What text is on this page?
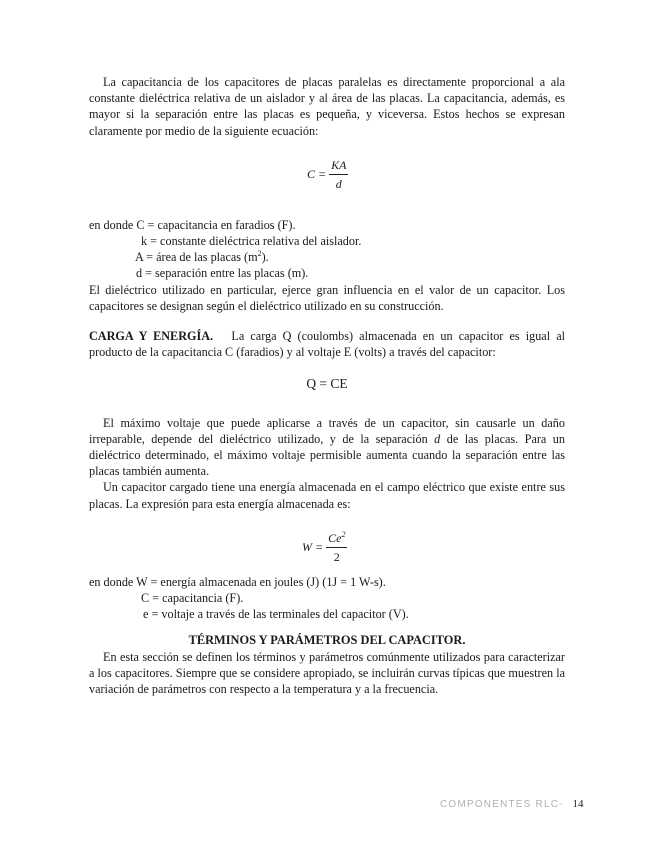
La capacitancia de los capacitores de placas paralelas es directamente proporcional a ala constante dieléctrica relativa de un aislador y al área de las placas. La capacitancia, además, es mayor si la separación entre las placas es pequeña, y viceversa. Estos hechos se expresan claramente por medio de la siguiente ecuación:

$C = \frac{KA}{d}$
en donde C = capacitancia en faradios (F).
k = constante dieléctrica relativa del aislador.
A = área de las placas $(m^2)$.
d = separación entre las placas (m).

El dieléctrico utilizado en particular, ejerce gran influencia en el valor de un capacitor. Los capacitores se designan según el dieléctrico utilizado en su construcción.

CARGA Y ENERGÍA. La carga Q (coulombs) almacenada en un capacitor es igual al producto de la capacitancia C (faradios) y al voltaje E (volts) a través del capacitor:

Q = CE

El máximo voltaje que puede aplicarse a través de un capacitor, sin causarle un daño irreparable, depende del dieléctrico utilizado, y de la separación d de las placas. Para un dieléctrico determinado, el máximo voltaje permisible aumenta cuando la separación entre las placas también aumenta.

Un capacitor cargado tiene una energía almacenada en el campo eléctrico que existe entre sus placas. La expresión para esta energía almacenada es:

$W = \frac{Ce^2}{2}$
en donde W = energía almacenada en joules (J) (1J = 1 W-s).
C = capacitancia (F).
e = voltaje a través de las terminales del capacitor (V).
TÉRMINOS Y PARÁMETROS DEL CAPACITOR.

En esta sección se definen los términos y parámetros comúnmente utilizados para caracterizar a los capacitores. Siempre que se considere apropiado, se incluirán curvas típicas que muestren la variación de parámetros con respecto a la temperatura y a la frecuencia.

COMPONENTES RLC- 14
